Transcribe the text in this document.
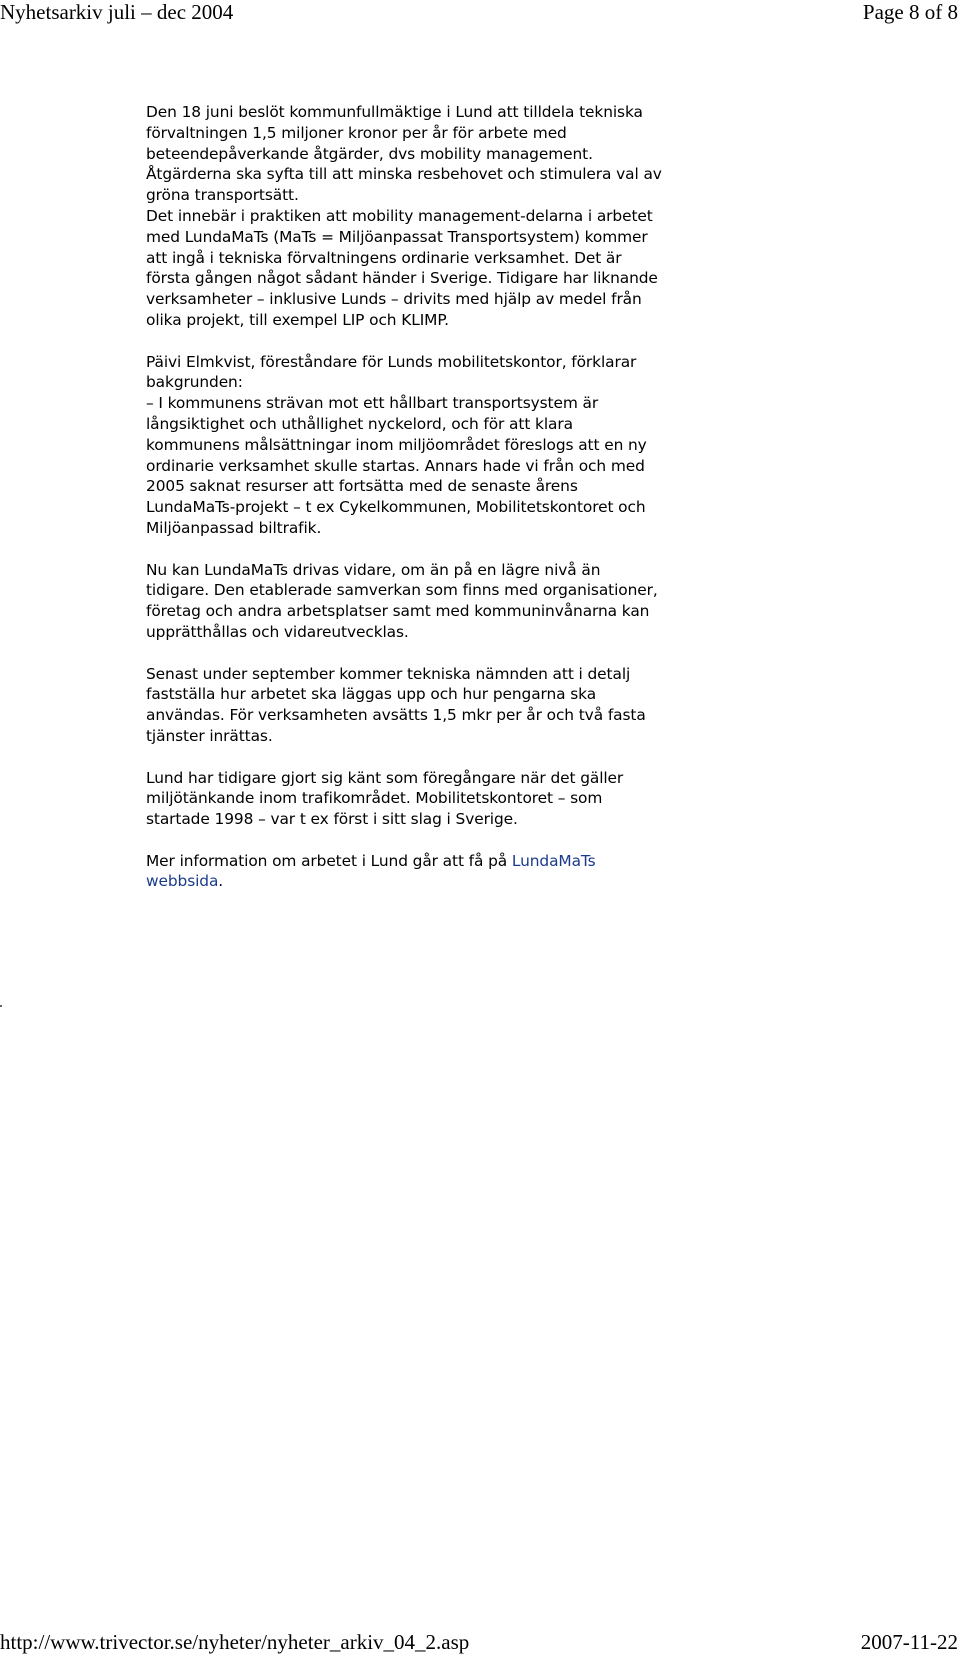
Nyhetsarkiv juli – dec 2004	Page 8 of 8

Den 18 juni beslöt kommunfullmäktige i Lund att tilldela tekniska
förvaltningen 1,5 miljoner kronor per år för arbete med
beteendepåverkande åtgärder, dvs mobility management.
Åtgärderna ska syfta till att minska resbehovet och stimulera val av
gröna transportsätt.
Det innebär i praktiken att mobility management-delarna i arbetet
med LundaMaTs (MaTs = Miljöanpassat Transportsystem) kommer
att ingå i tekniska förvaltningens ordinarie verksamhet. Det är
första gången något sådant händer i Sverige. Tidigare har liknande
verksamheter – inklusive Lunds – drivits med hjälp av medel från
olika projekt, till exempel LIP och KLIMP.

Päivi Elmkvist, föreståndare för Lunds mobilitetskontor, förklarar
bakgrunden:
– I kommunens strävan mot ett hållbart transportsystem är
långsiktighet och uthållighet nyckelord, och för att klara
kommunens målsättningar inom miljöområdet föreslogs att en ny
ordinarie verksamhet skulle startas. Annars hade vi från och med
2005 saknat resurser att fortsätta med de senaste årens
LundaMaTs-projekt – t ex Cykelkommunen, Mobilitetskontoret och
Miljöanpassad biltrafik.

Nu kan LundaMaTs drivas vidare, om än på en lägre nivå än
tidigare. Den etablerade samverkan som finns med organisationer,
företag och andra arbetsplatser samt med kommuninvånarna kan
upprätthållas och vidareutvecklas.

Senast under september kommer tekniska nämnden att i detalj
fastställa hur arbetet ska läggas upp och hur pengarna ska
användas. För verksamheten avsätts 1,5 mkr per år och två fasta
tjänster inrättas.

Lund har tidigare gjort sig känt som föregångare när det gäller
miljötänkande inom trafikområdet. Mobilitetskontoret – som
startade 1998 – var t ex först i sitt slag i Sverige.

Mer information om arbetet i Lund går att få på LundaMaTs
webbsida.

http://www.trivector.se/nyheter/nyheter_arkiv_04_2.asp	2007-11-22
